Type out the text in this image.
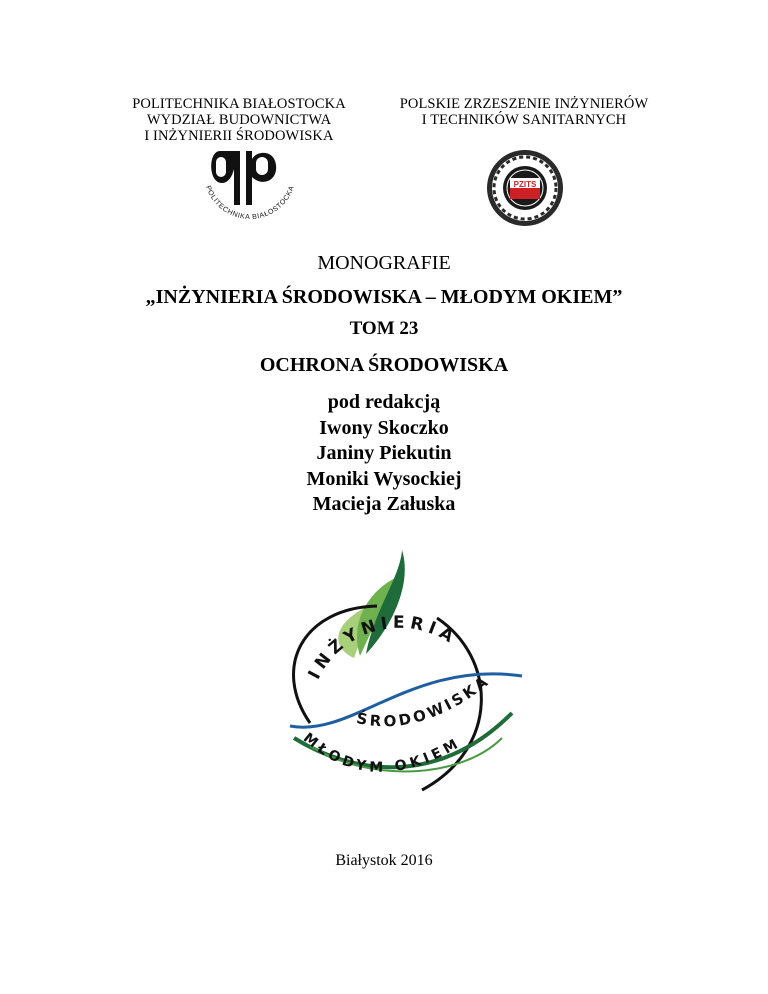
POLITECHNIKA BIAŁOSTOCKA
WYDZIAŁ BUDOWNICTWA
I INŻYNIERII ŚRODOWISKA
POLSKIE ZRZESZENIE INŻYNIERÓW
I TECHNIKÓW SANITARNYCH
POLITECHNIKA BIAŁOSTOCKA	PZITS
MONOGRAFIE
„INŻYNIERIA ŚRODOWISKA – MŁODYM OKIEM”
TOM 23
OCHRONA ŚRODOWISKA
pod redakcją
Iwony Skoczko
Janiny Piekutin
Moniki Wysockiej
Macieja Załuska
INŻYNIERIA
ŚRODOWISKA
MŁODYM OKIEM
Białystok 2016
